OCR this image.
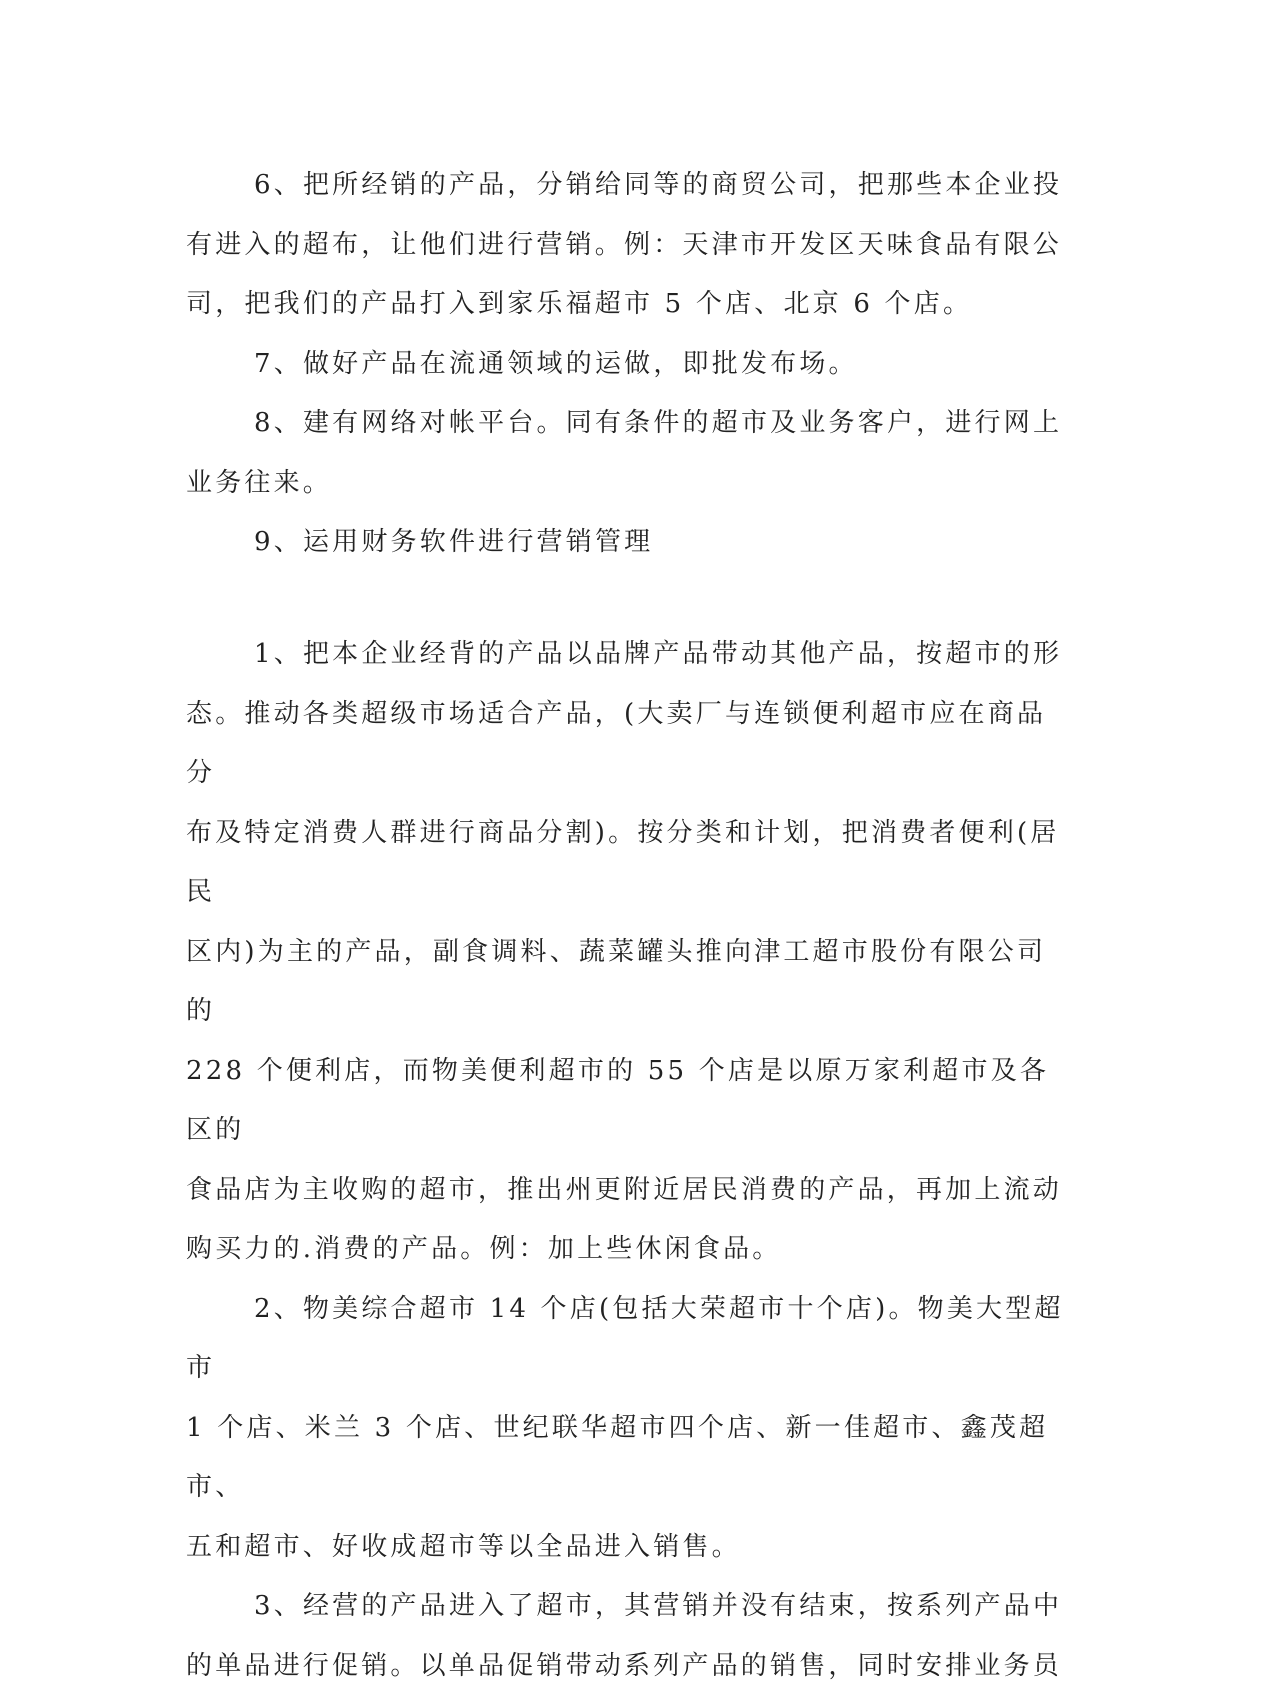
6、把所经销的产品，分销给同等的商贸公司，把那些本企业投
有进入的超布，让他们进行营销。例：天津市开发区天味食品有限公
司，把我们的产品打入到家乐福超市 5 个店、北京 6 个店。

7、做好产品在流通领域的运做，即批发布场。

8、建有网络对帐平台。同有条件的超市及业务客户，进行网上
业务往来。

9、运用财务软件进行营销管理

1、把本企业经背的产品以品牌产品带动其他产品，按超市的形
态。推动各类超级市场适合产品，(大卖厂与连锁便利超市应在商品分
布及特定消费人群进行商品分割)。按分类和计划，把消费者便利(居民
区内)为主的产品，副食调料、蔬菜罐头推向津工超市股份有限公司的
228 个便利店，而物美便利超市的 55 个店是以原万家利超市及各区的
食品店为主收购的超市，推出州更附近居民消费的产品，再加上流动
购买力的.消费的产品。例：加上些休闲食品。

2、物美综合超市 14 个店(包括大荣超市十个店)。物美大型超市
1 个店、米兰 3 个店、世纪联华超市四个店、新一佳超市、鑫茂超市、
五和超市、好收成超市等以全品进入销售。

3、经营的产品进入了超市，其营销并没有结束，按系列产品中
的单品进行促销。以单品促销带动系列产品的销售，同时安排业务员
